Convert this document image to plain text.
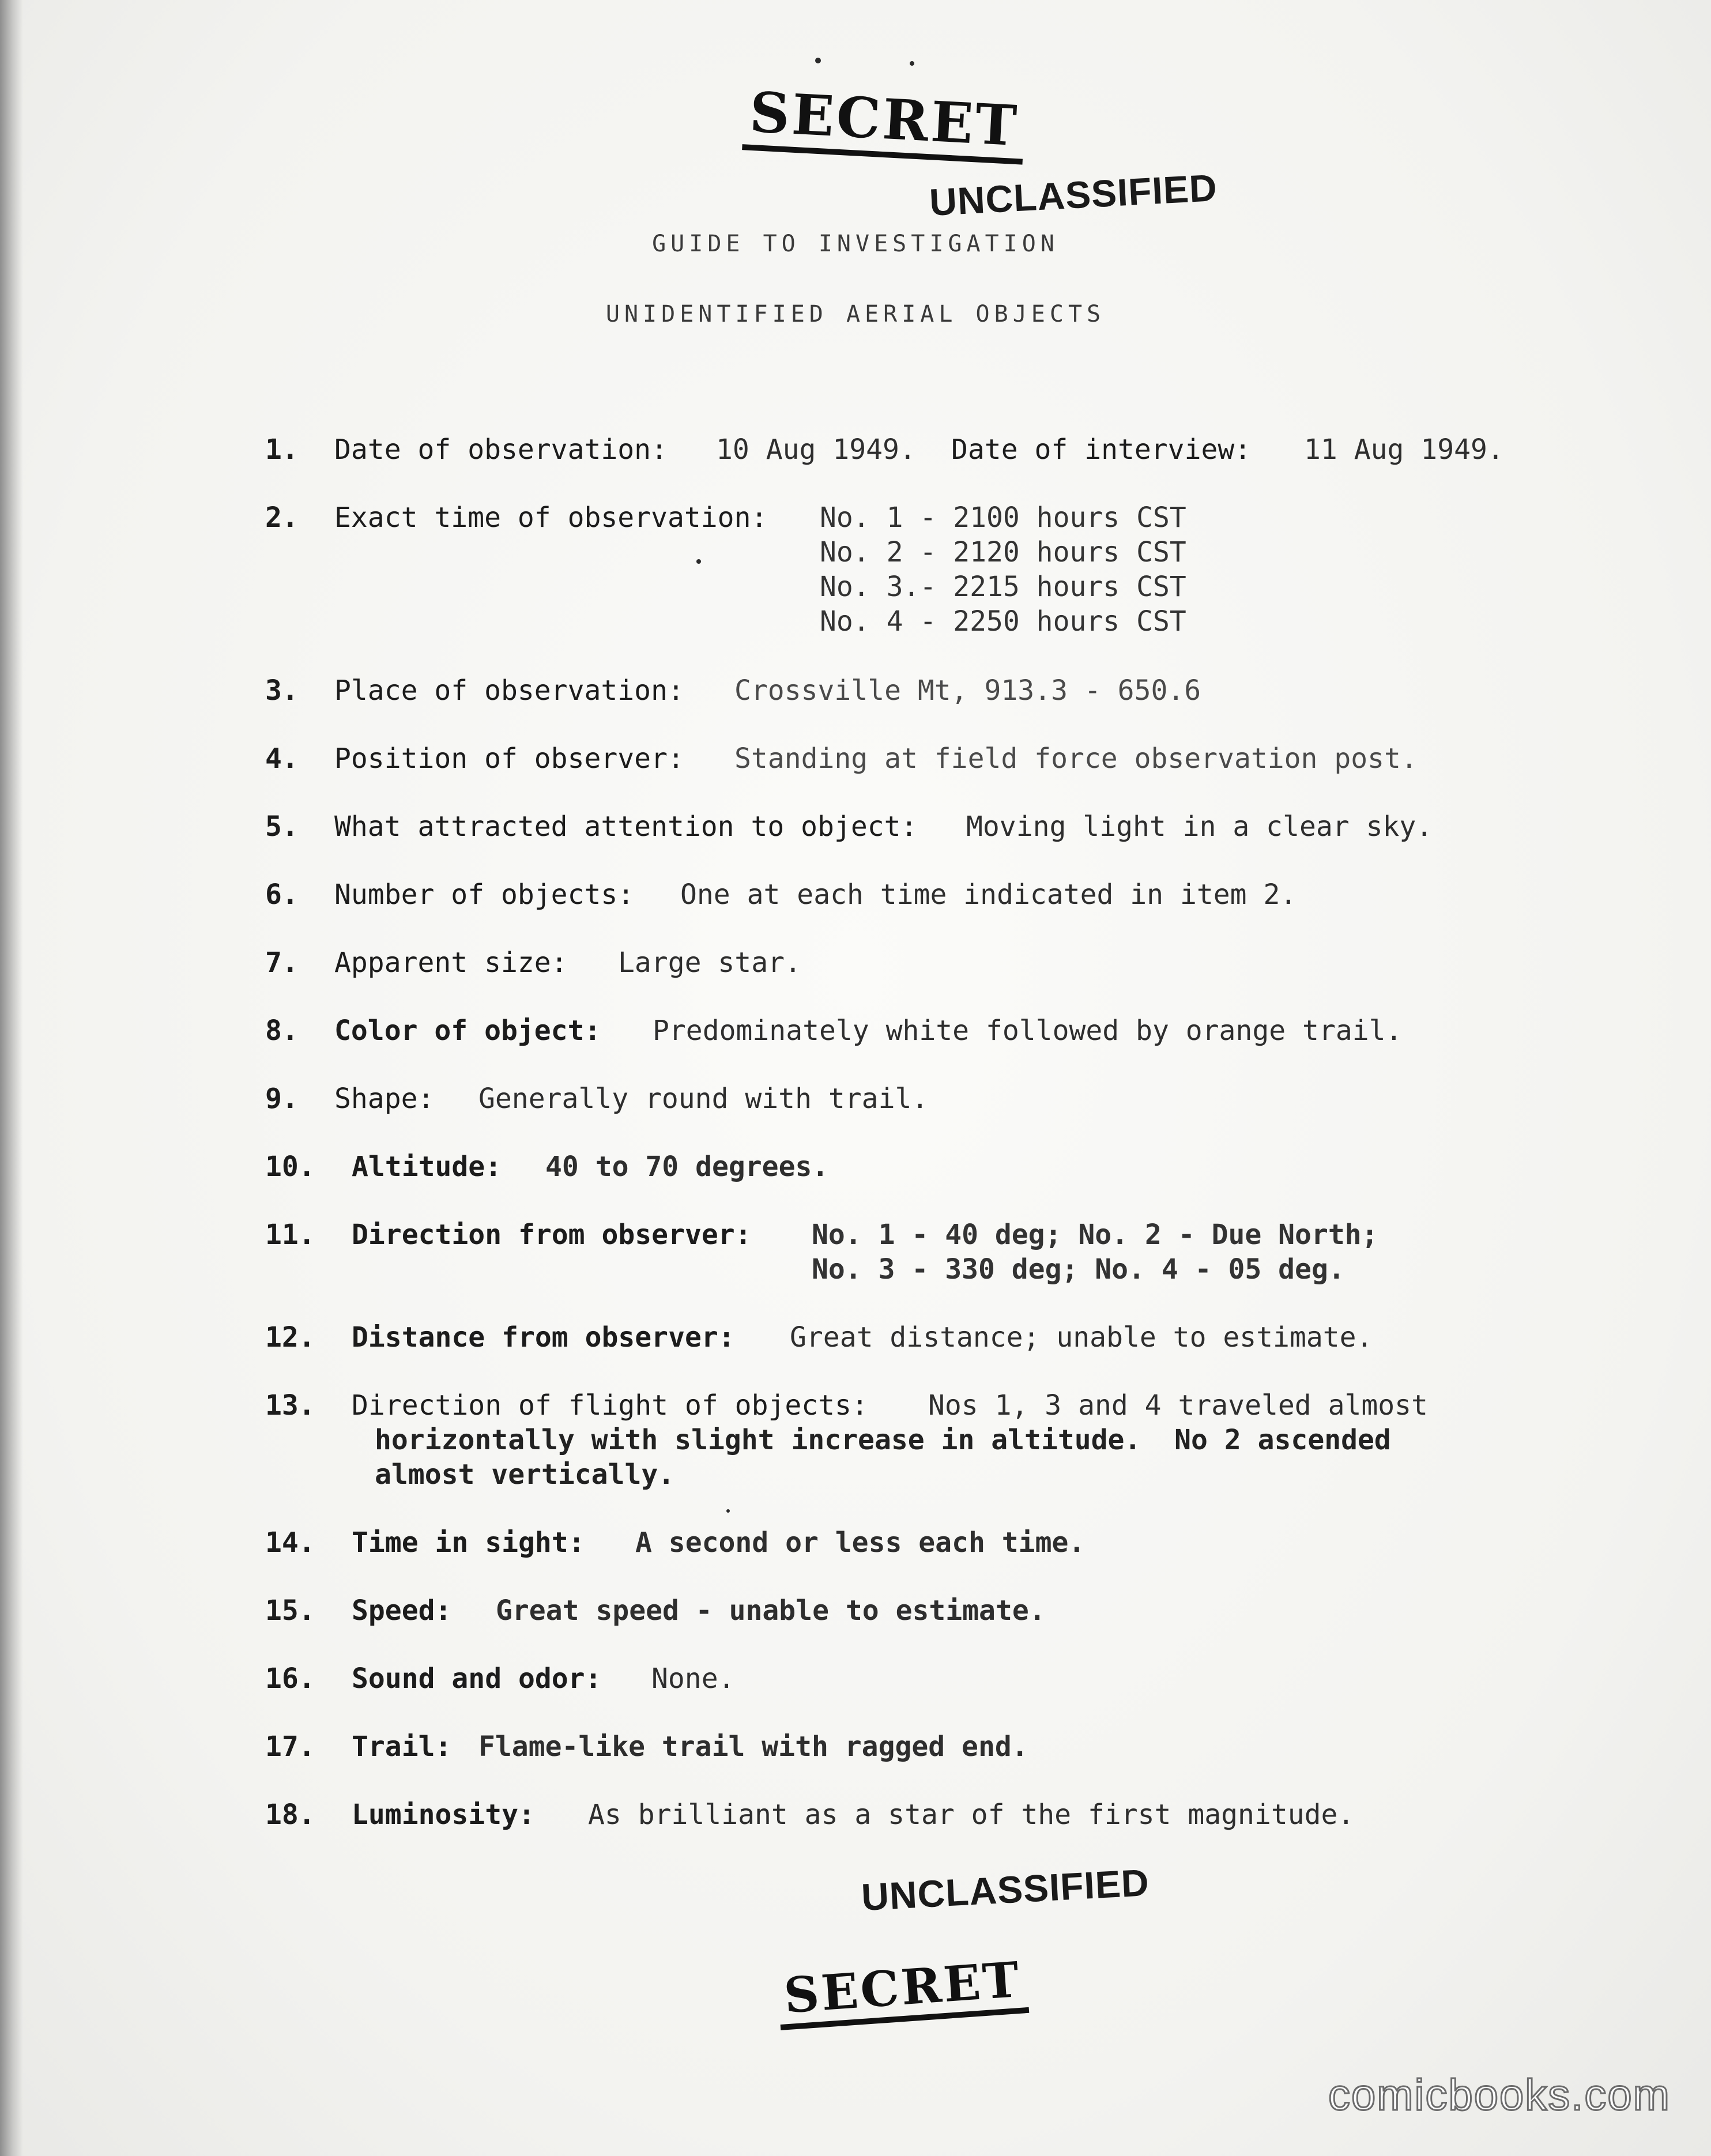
SECRET
UNCLASSIFIED
GUIDE TO INVESTIGATION
UNIDENTIFIED AERIAL OBJECTS

1.

Date of observation:

10 Aug 1949.

Date of interview:

11 Aug 1949.

2.

Exact time of observation:

No. 1 - 2100 hours CST
No. 2 - 2120 hours CST
No. 3.- 2215 hours CST
No. 4 - 2250 hours CST

3.

Place of observation:

Crossville Mt, 913.3 - 650.6

4.

Position of observer:

Standing at field force observation post.

5.

What attracted attention to object:

Moving light in a clear sky.

6.

Number of objects:

One at each time indicated in item 2.

7.

Apparent size:

Large star.

8.

Color of object:

Predominately white followed by orange trail.

9.

Shape:

Generally round with trail.

10.

Altitude:

40 to 70 degrees.

11.

Direction from observer:

No. 1 - 40 deg; No. 2 - Due North;
No. 3 - 330 deg; No. 4 - 05 deg.

12.

Distance from observer:

Great distance; unable to estimate.

13.

Direction of flight of objects:

Nos 1, 3 and 4 traveled almost

horizontally with slight increase in altitude.  No 2 ascended
almost vertically.

14.

Time in sight:

A second or less each time.

15.

Speed:

Great speed - unable to estimate.

16.

Sound and odor:

None.

17.

Trail:

Flame-like trail with ragged end.

18.

Luminosity:

As brilliant as a star of the first magnitude.

UNCLASSIFIED
SECRET
comicbooks.com
